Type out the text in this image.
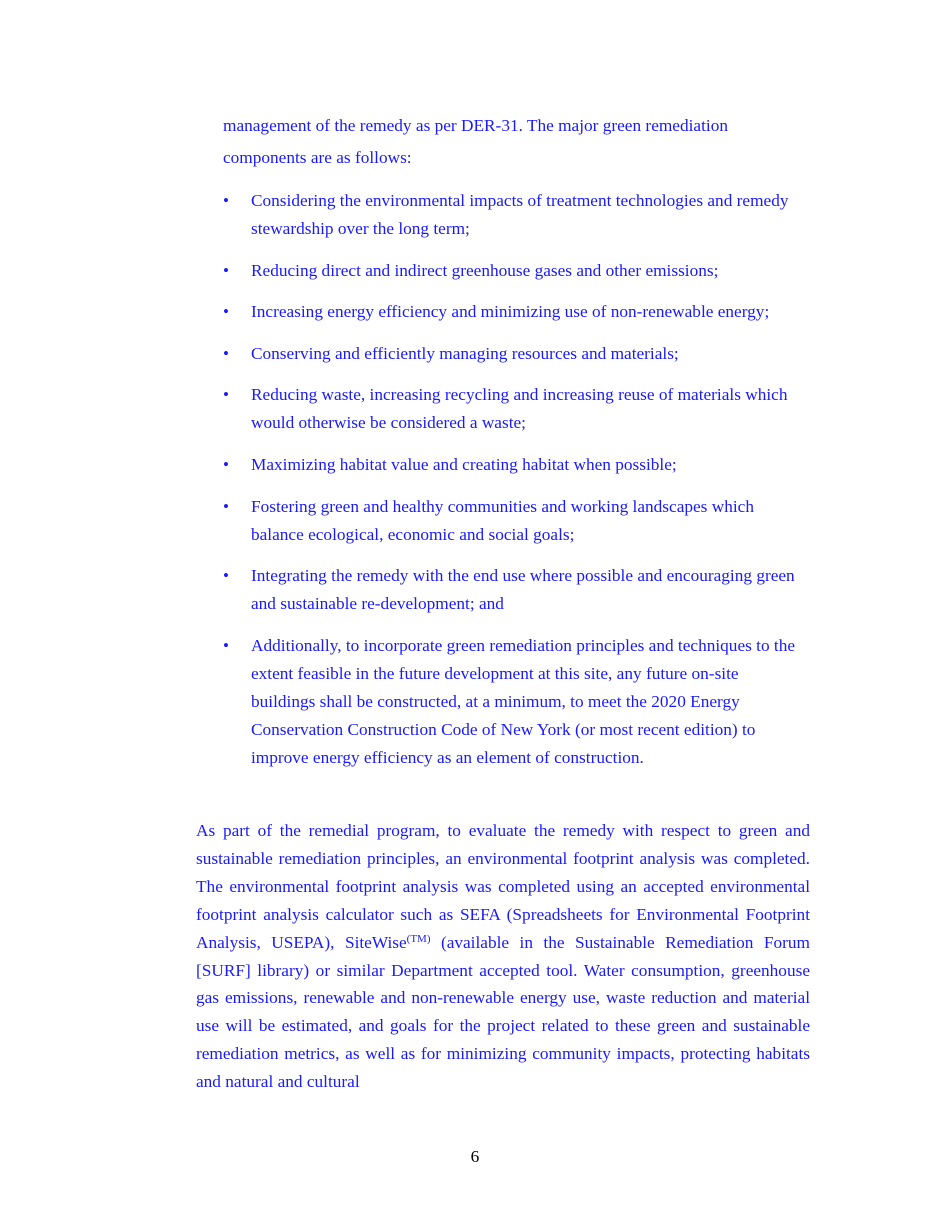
management of the remedy as per DER-31. The major green remediation components are as follows:

•	Considering the environmental impacts of treatment technologies and remedy stewardship over the long term;
•	Reducing direct and indirect greenhouse gases and other emissions;
•	Increasing energy efficiency and minimizing use of non-renewable energy;
•	Conserving and efficiently managing resources and materials;
•	Reducing waste, increasing recycling and increasing reuse of materials which would otherwise be considered a waste;
•	Maximizing habitat value and creating habitat when possible;
•	Fostering green and healthy communities and working landscapes which balance ecological, economic and social goals;
•	Integrating the remedy with the end use where possible and encouraging green and sustainable re-development; and
•	Additionally, to incorporate green remediation principles and techniques to the extent feasible in the future development at this site, any future on-site buildings shall be constructed, at a minimum, to meet the 2020 Energy Conservation Construction Code of New York (or most recent edition) to improve energy efficiency as an element of construction.

As part of the remedial program, to evaluate the remedy with respect to green and sustainable remediation principles, an environmental footprint analysis was completed. The environmental footprint analysis was completed using an accepted environmental footprint analysis calculator such as SEFA (Spreadsheets for Environmental Footprint Analysis, USEPA), SiteWise$^{(TM)}$ (available in the Sustainable Remediation Forum [SURF] library) or similar Department accepted tool. Water consumption, greenhouse gas emissions, renewable and non-renewable energy use, waste reduction and material use will be estimated, and goals for the project related to these green and sustainable remediation metrics, as well as for minimizing community impacts, protecting habitats and natural and cultural

6
